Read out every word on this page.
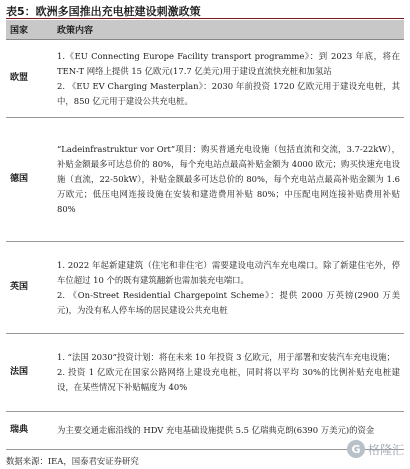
表5：欧洲多国推出充电桩建设刺激政策
国家	政策内容
欧盟	1.《EU Connecting Europe Facility transport programme》：到 2023 年底，将在 TEN-T 网络上提供 15 亿欧元(17.7 亿美元)用于建设直流快充桩和加氢站

2. 《EU EV Charging Masterplan》：2030 年前投资 1720 亿欧元用于建设充电桩，其中，850 亿元用于建设公共充电桩。

德国	“Ladeinfrastruktur vor Ort”项目：购买普通充电设施（包括直流和交流，3.7-22kW），补贴金额最多可达总价的 80%，每个充电站点最高补贴金额为 4000 欧元；购买快速充电设施（直流，22-50kW），补贴金额最多可达总价的 80%，每个充电站点最高补贴金额为 1.6 万欧元；低压电网连接设施在安装和建造费用补贴 80%；中压配电网连接补贴费用补贴 80%

英国	1. 2022 年起新建建筑（住宅和非住宅）需要建设电动汽车充电端口。除了新建住宅外，停车位超过 10 个的既有建筑翻新也需加装充电端口。

2. 《On-Street Residential Chargepoint Scheme》：提供 2000 万英镑(2900 万美元)，为没有私人停车场的居民建设公共充电桩

法国	1. “法国 2030”投资计划：将在未来 10 年投资 3 亿欧元，用于部署和安装汽车充电设施；

2. 投资 1 亿欧元在国家公路网络上建设充电桩，同时将以平均 30%的比例补贴充电桩建设，在某些情况下补贴幅度为 40%

瑞典	为主要交通走廊沿线的 HDV 充电基础设施提供 5.5 亿瑞典克朗(6390 万美元)的资金

G 格隆汇
数据来源：IEA，国泰君安证券研究
